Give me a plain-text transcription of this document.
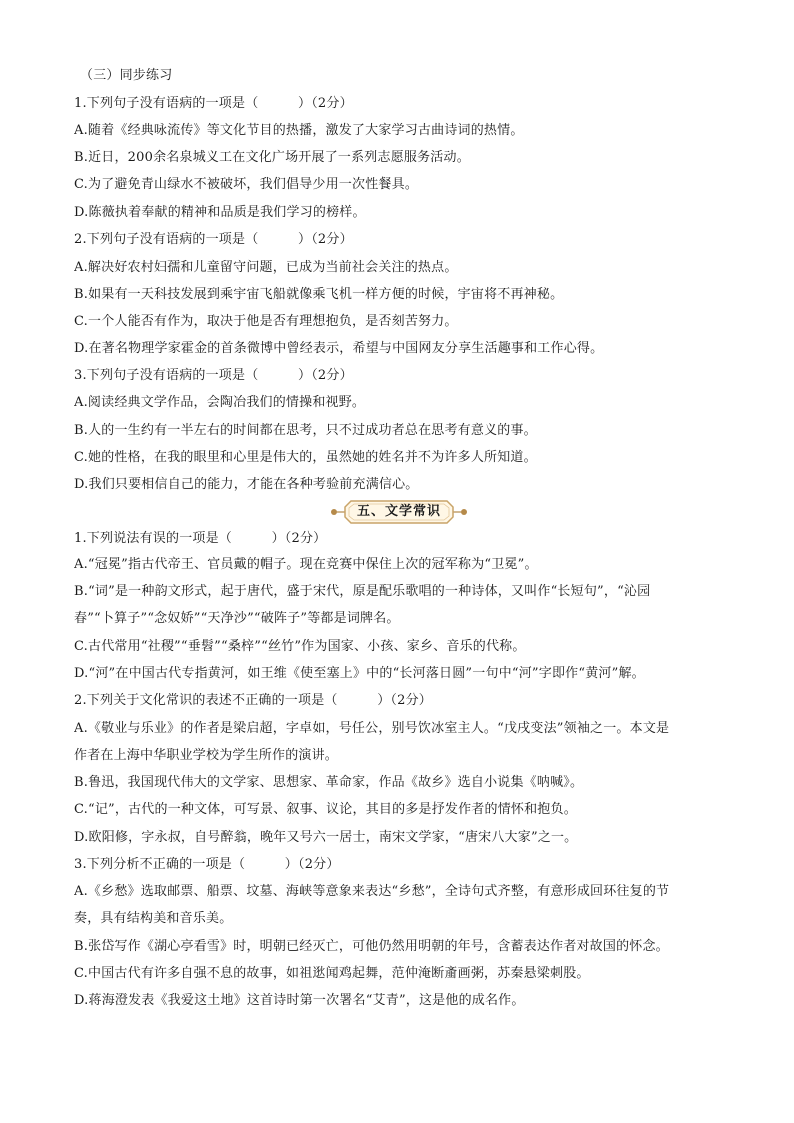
（三）同步练习
1.下列句子没有语病的一项是（　　　）（2分）
A.随着《经典咏流传》等文化节目的热播，激发了大家学习古曲诗词的热情。
B.近日，200余名泉城义工在文化广场开展了一系列志愿服务活动。
C.为了避免青山绿水不被破坏，我们倡导少用一次性餐具。
D.陈薇执着奉献的精神和品质是我们学习的榜样。
2.下列句子没有语病的一项是（　　　）（2分）
A.解决好农村妇孺和儿童留守问题，已成为当前社会关注的热点。
B.如果有一天科技发展到乘宇宙飞船就像乘飞机一样方便的时候，宇宙将不再神秘。
C.一个人能否有作为，取决于他是否有理想抱负，是否刻苦努力。
D.在著名物理学家霍金的首条微博中曾经表示，希望与中国网友分享生活趣事和工作心得。
3.下列句子没有语病的一项是（　　　）（2分）
A.阅读经典文学作品，会陶冶我们的情操和视野。
B.人的一生约有一半左右的时间都在思考，只不过成功者总在思考有意义的事。
C.她的性格，在我的眼里和心里是伟大的，虽然她的姓名并不为许多人所知道。
D.我们只要相信自己的能力，才能在各种考验前充满信心。
五、文学常识
1.下列说法有误的一项是（　　　）（2分）
A.“冠冕”指古代帝王、官员戴的帽子。现在竞赛中保住上次的冠军称为“卫冕”。
B.“词”是一种韵文形式，起于唐代，盛于宋代，原是配乐歌唱的一种诗体，又叫作“长短句”，“沁园
春”“卜算子”“念奴娇”“天净沙”“破阵子”等都是词牌名。
C.古代常用“社稷”“垂髫”“桑梓”“丝竹”作为国家、小孩、家乡、音乐的代称。
D.“河”在中国古代专指黄河，如王维《使至塞上》中的“长河落日圆”一句中“河”字即作“黄河”解。
2.下列关于文化常识的表述不正确的一项是（　　　）（2分）
A.《敬业与乐业》的作者是梁启超，字卓如，号任公，别号饮冰室主人。“戊戌变法”领袖之一。本文是
作者在上海中华职业学校为学生所作的演讲。
B.鲁迅，我国现代伟大的文学家、思想家、革命家，作品《故乡》选自小说集《呐喊》。
C.“记”，古代的一种文体，可写景、叙事、议论，其目的多是抒发作者的情怀和抱负。
D.欧阳修，字永叔，自号醉翁，晚年又号六一居士，南宋文学家，“唐宋八大家”之一。
3.下列分析不正确的一项是（　　　）（2分）
A.《乡愁》选取邮票、船票、坟墓、海峡等意象来表达“乡愁”，全诗句式齐整，有意形成回环往复的节
奏，具有结构美和音乐美。
B.张岱写作《湖心亭看雪》时，明朝已经灭亡，可他仍然用明朝的年号，含蓄表达作者对故国的怀念。
C.中国古代有许多自强不息的故事，如祖逖闻鸡起舞，范仲淹断齑画粥，苏秦悬梁刺股。
D.蒋海澄发表《我爱这土地》这首诗时第一次署名“艾青”，这是他的成名作。
